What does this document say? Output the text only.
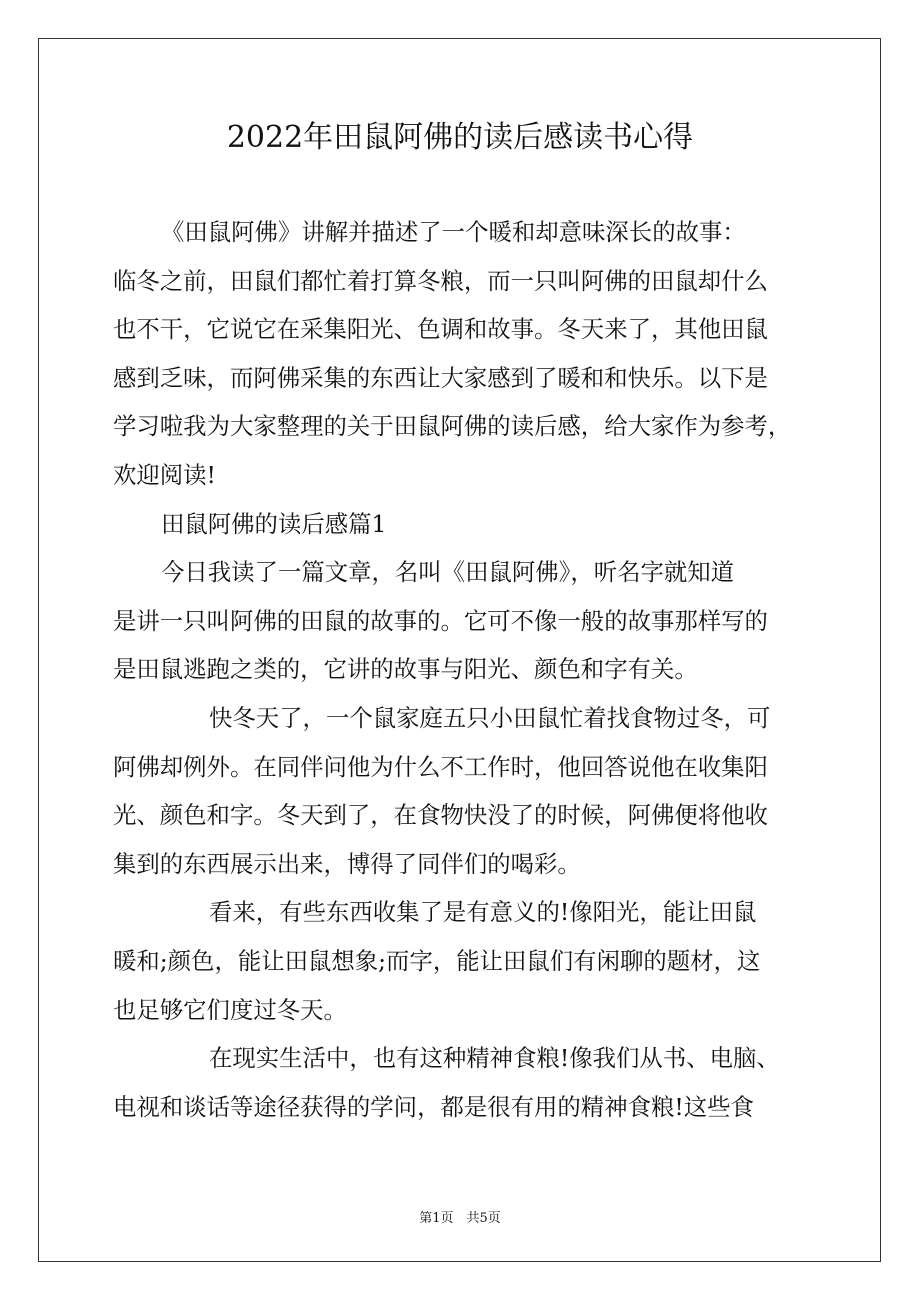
2022年田鼠阿佛的读后感读书心得
《田鼠阿佛》讲解并描述了一个暖和却意味深长的故事：
临冬之前，田鼠们都忙着打算冬粮，而一只叫阿佛的田鼠却什么
也不干，它说它在采集阳光、色调和故事。冬天来了，其他田鼠
感到乏味，而阿佛采集的东西让大家感到了暖和和快乐。以下是
学习啦我为大家整理的关于田鼠阿佛的读后感，给大家作为参考，
欢迎阅读!
田鼠阿佛的读后感篇1
今日我读了一篇文章，名叫《田鼠阿佛》，听名字就知道
是讲一只叫阿佛的田鼠的故事的。它可不像一般的故事那样写的
是田鼠逃跑之类的，它讲的故事与阳光、颜色和字有关。
快冬天了，一个鼠家庭五只小田鼠忙着找食物过冬，可
阿佛却例外。在同伴问他为什么不工作时，他回答说他在收集阳
光、颜色和字。冬天到了，在食物快没了的时候，阿佛便将他收
集到的东西展示出来，博得了同伴们的喝彩。
看来，有些东西收集了是有意义的!像阳光，能让田鼠
暖和;颜色，能让田鼠想象;而字，能让田鼠们有闲聊的题材，这
也足够它们度过冬天。
在现实生活中，也有这种精神食粮!像我们从书、电脑、
电视和谈话等途径获得的学问，都是很有用的精神食粮!这些食
第1页　共5页
